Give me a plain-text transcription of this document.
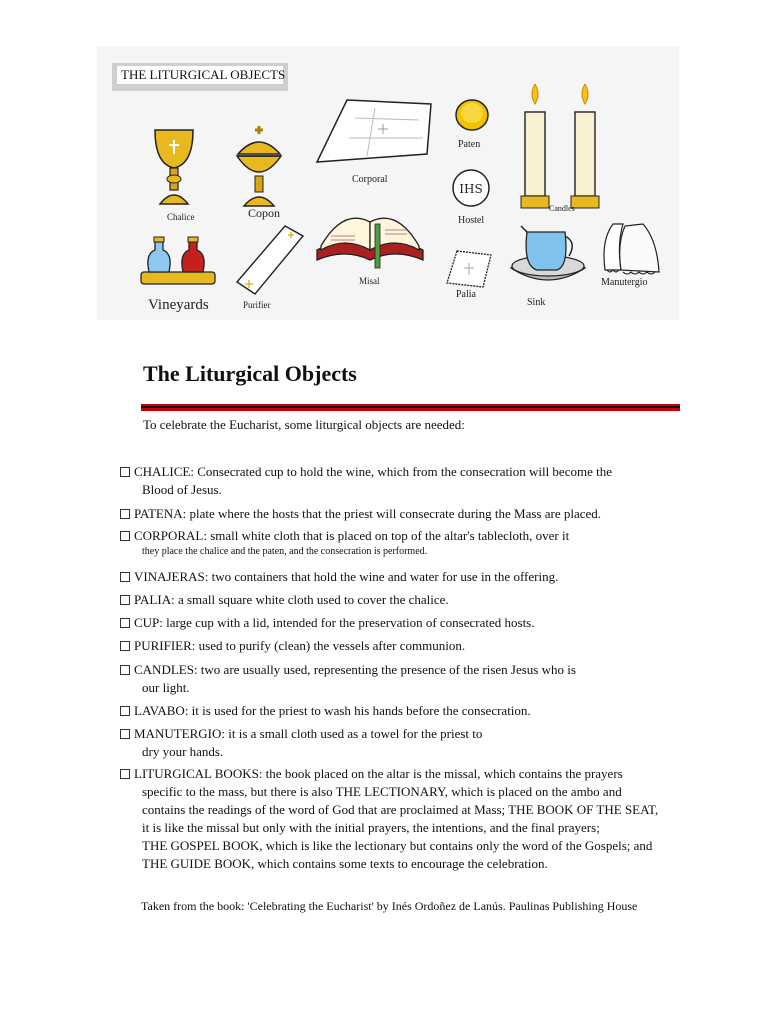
THE LITURGICAL OBJECTS
Chalice	Copon
Corporal
Paten
Candles
IHS
Hostel
Vineyards	Purifier
Misal
Palia
Sink
Manutergio
The Liturgical Objects
To celebrate the Eucharist, some liturgical objects are needed:
CHALICE: Consecrated cup to hold the wine, which from the consecration will become the
Blood of Jesus.
PATENA: plate where the hosts that the priest will consecrate during the Mass are placed.
CORPORAL: small white cloth that is placed on top of the altar's tablecloth, over it
they place the chalice and the paten, and the consecration is performed.
VINAJERAS: two containers that hold the wine and water for use in the offering.
PALIA: a small square white cloth used to cover the chalice.
CUP: large cup with a lid, intended for the preservation of consecrated hosts.
PURIFIER: used to purify (clean) the vessels after communion.
CANDLES: two are usually used, representing the presence of the risen Jesus who is
our light.
LAVABO: it is used for the priest to wash his hands before the consecration.
MANUTERGIO: it is a small cloth used as a towel for the priest to
dry your hands.
LITURGICAL BOOKS: the book placed on the altar is the missal, which contains the prayers
specific to the mass, but there is also THE LECTIONARY, which is placed on the ambo and
contains the readings of the word of God that are proclaimed at Mass; THE BOOK OF THE SEAT,
it is like the missal but only with the initial prayers, the intentions, and the final prayers;
THE GOSPEL BOOK, which is like the lectionary but contains only the word of the Gospels; and
THE GUIDE BOOK, which contains some texts to encourage the celebration.
Taken from the book: 'Celebrating the Eucharist' by Inés Ordoñez de Lanús. Paulinas Publishing House
